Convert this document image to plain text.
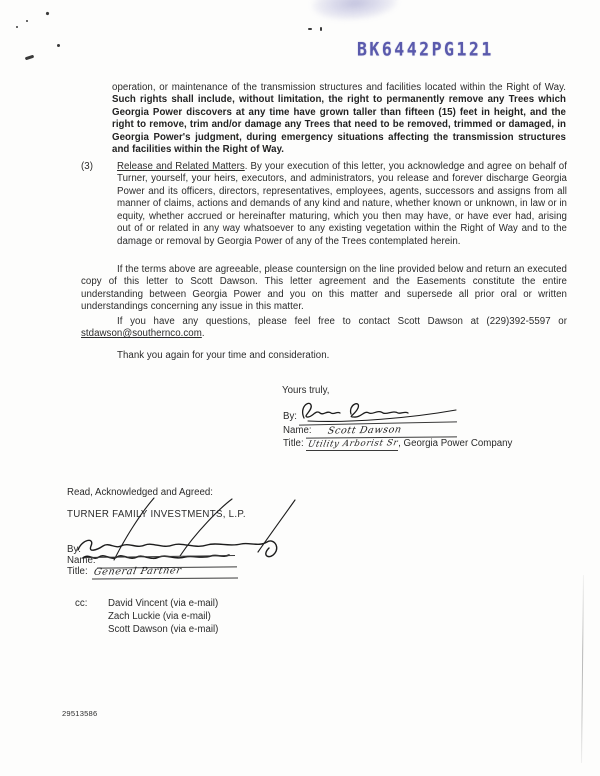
BK6442PG121
operation, or maintenance of the transmission structures and facilities located within the Right of Way. Such rights shall include, without limitation, the right to permanently remove any Trees which Georgia Power discovers at any time have grown taller than fifteen (15) feet in height, and the right to remove, trim and/or damage any Trees that need to be removed, trimmed or damaged, in Georgia Power's judgment, during emergency situations affecting the transmission structures and facilities within the Right of Way.
(3) Release and Related Matters. By your execution of this letter, you acknowledge and agree on behalf of Turner, yourself, your heirs, executors, and administrators, you release and forever discharge Georgia Power and its officers, directors, representatives, employees, agents, successors and assigns from all manner of claims, actions and demands of any kind and nature, whether known or unknown, in law or in equity, whether accrued or hereinafter maturing, which you then may have, or have ever had, arising out of or related in any way whatsoever to any existing vegetation within the Right of Way and to the damage or removal by Georgia Power of any of the Trees contemplated herein.
If the terms above are agreeable, please countersign on the line provided below and return an executed copy of this letter to Scott Dawson. This letter agreement and the Easements constitute the entire understanding between Georgia Power and you on this matter and supersede all prior oral or written understandings concerning any issue in this matter.
If you have any questions, please feel free to contact Scott Dawson at (229)392-5597 or stdawson@southernco.com.
Thank you again for your time and consideration.
Yours truly,
By:
Name: Scott Dawson
Title: Utility Arborist Sr, Georgia Power Company
Read, Acknowledged and Agreed:
TURNER FAMILY INVESTMENTS, L.P.
By:
Name:
Title: General Partner
cc: David Vincent (via e-mail)
Zach Luckie (via e-mail)
Scott Dawson (via e-mail)
29513586
